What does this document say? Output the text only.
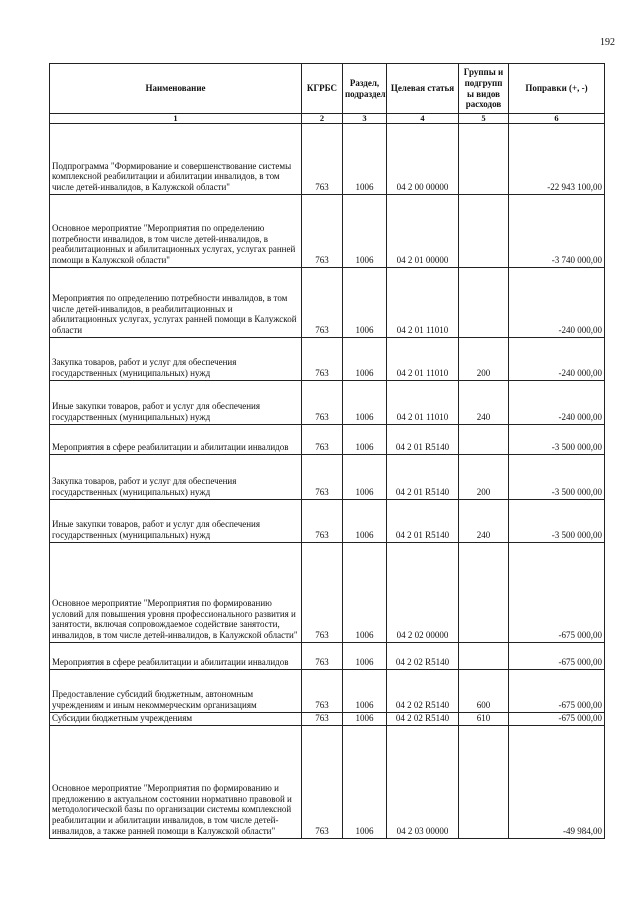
192
Наименование	КГРБС	Раздел, подраздел	Целевая статья	Группы и подгрупп ы видов расходов	Поправки (+, -)
1	2	3	4	5	6
Подпрограмма "Формирование и совершенствование системы комплексной реабилитации и абилитации инвалидов, в том числе детей-инвалидов, в Калужской области"	763	1006	04 2 00 00000		-22 943 100,00
Основное мероприятие "Мероприятия по определению потребности инвалидов, в том числе детей-инвалидов, в реабилитационных и абилитационных услугах, услугах ранней помощи в Калужской области"	763	1006	04 2 01 00000		-3 740 000,00
Мероприятия по определению потребности инвалидов, в том числе детей-инвалидов, в реабилитационных и абилитационных услугах, услугах ранней помощи в Калужской области	763	1006	04 2 01 11010		-240 000,00
Закупка товаров, работ и услуг для обеспечения государственных (муниципальных) нужд	763	1006	04 2 01 11010	200	-240 000,00
Иные закупки товаров, работ и услуг для обеспечения государственных (муниципальных) нужд	763	1006	04 2 01 11010	240	-240 000,00
Мероприятия в сфере реабилитации и абилитации инвалидов	763	1006	04 2 01 R5140		-3 500 000,00
Закупка товаров, работ и услуг для обеспечения государственных (муниципальных) нужд	763	1006	04 2 01 R5140	200	-3 500 000,00
Иные закупки товаров, работ и услуг для обеспечения государственных (муниципальных) нужд	763	1006	04 2 01 R5140	240	-3 500 000,00
Основное мероприятие "Мероприятия по формированию условий для повышения уровня профессионального развития и занятости, включая сопровождаемое содействие занятости, инвалидов, в том числе детей-инвалидов, в Калужской области"	763	1006	04 2 02 00000		-675 000,00
Мероприятия в сфере реабилитации и абилитации инвалидов	763	1006	04 2 02 R5140		-675 000,00
Предоставление субсидий бюджетным, автономным учреждениям и иным некоммерческим организациям	763	1006	04 2 02 R5140	600	-675 000,00
Субсидии бюджетным учреждениям	763	1006	04 2 02 R5140	610	-675 000,00
Основное мероприятие "Мероприятия по формированию и предложению в актуальном состоянии нормативно правовой и методологической базы по организации системы комплексной реабилитации и абилитации инвалидов, в том числе детей-инвалидов, а также ранней помощи в Калужской области"	763	1006	04 2 03 00000		-49 984,00
